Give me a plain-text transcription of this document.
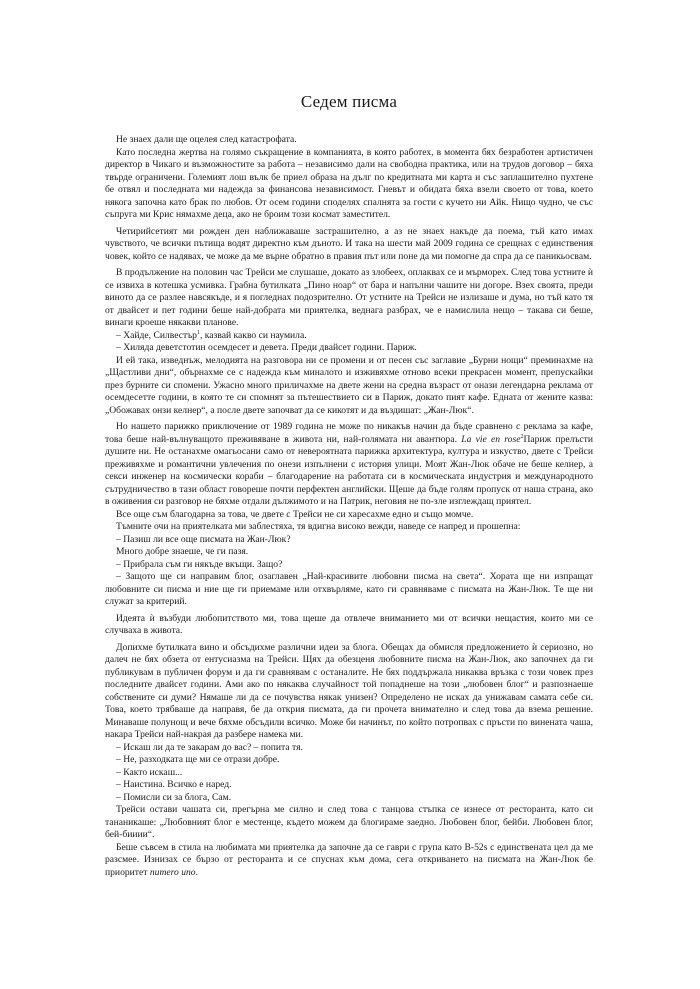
Седем писма

Не знаех дали ще оцелея след катастрофата.

Като последна жертва на голямо съкращение в компанията, в която работех, в момента бях безработен артистичен директор в Чикаго и възможностите за работа – независимо дали на свободна практика, или на трудов договор – бяха твърде ограничени. Големият лош вълк бе приел образа на дълг по кредитната ми карта и със заплашително пухтене бе отвял и последната ми надежда за финансова независимост. Гневът и обидата бяха взели своето от това, което някога започна като брак по любов. От осем години споделях спалнята за гости с кучето ни Айк. Нищо чудно, че със съпруга ми Крис нямахме деца, ако не броим този космат заместител.

Четирийсетият ми рожден ден наближаваше застрашително, а аз не знаех накъде да поема, тъй като имах чувството, че всички пътища водят директно към дъното. И така на шести май 2009 година се срещнах с единствения човек, който се надявах, че може да ме върне обратно в правия път или поне да ми помогне да спра да се паникьосвам.

В продължение на половин час Трейси ме слушаше, докато аз злобеех, оплаквах се и мърморех. След това устните ѝ се извиха в котешка усмивка. Грабна бутилката „Пино ноар“ от бара и напълни чашите ни догоре. Взех своята, преди виното да се разлее навсякъде, и я погледнах подозрително. От устните на Трейси не излизаше и дума, но тъй като тя от двайсет и пет години беше най-добрата ми приятелка, веднага разбрах, че е намислила нещо – такава си беше, винаги кроеше някакви планове.

– Хайде, Силвестър$^1$, казвай какво си наумила.

– Хиляда деветстотин осемдесет и девета. Преди двайсет години. Париж.

И ей така, изведнъж, мелодията на разговора ни се промени и от песен със заглавие „Бурни нощи“ преминахме на „Щастливи дни“, обърнахме се с надежда към миналото и изживяхме отново всеки прекрасен момент, препускайки през бурните си спомени. Ужасно много приличахме на двете жени на средна възраст от онази легендарна реклама от осемдесетте години, в която те си спомнят за пътешествието си в Париж, докато пият кафе. Едната от жените казва: „Обожавах онзи келнер“, а после двете започват да се кикотят и да въздишат: „Жан-Люк“.

Но нашето парижко приключение от 1989 година не може по никакъв начин да бъде сравнено с реклама за кафе, това беше най-вълнуващото преживяване в живота ни, най-голямата ни авантюра. La vie en rose$^2$Париж прелъсти душите ни. Не останахме омагьосани само от невероятната парижка архитектура, култура и изкуство, двете с Трейси преживяхме и романтични увлечения по онези изпълнени с история улици. Моят Жан-Люк обаче не беше келнер, а секси инженер на космически кораби – благодарение на работата си в космическата индустрия и международното сътрудничество в тази област говореше почти перфектен английски. Щеше да бъде голям пропуск от наша страна, ако в оживения си разговор не бяхме отдали дължимото и на Патрик, неговия не по-зле изглеждащ приятел.

Все още съм благодарна за това, че двете с Трейси не си харесахме едно и също момче.

Тъмните очи на приятелката ми заблестяха, тя вдигна високо вежди, наведе се напред и прошепна:

– Пазиш ли все още писмата на Жан-Люк?

Много добре знаеше, че ги пазя.

– Прибрала съм ги някъде вкъщи. Защо?

– Защото ще си направим блог, озаглавен „Най-красивите любовни писма на света“. Хората ще ни изпращат любовните си писма и ние ще ги приемаме или отхвърляме, като ги сравняваме с писмата на Жан-Люк. Те ще ни служат за критерий.

Идеята ѝ възбуди любопитството ми, това щеше да отвлече вниманието ми от всички нещастия, които ми се случваха в живота.

Допихме бутилката вино и обсъдихме различни идеи за блога. Обещах да обмисля предложението ѝ сериозно, но далеч не бях обзета от ентусиазма на Трейси. Щях да обезценя любовните писма на Жан-Люк, ако започнех да ги публикувам в публичен форум и да ги сравнявам с останалите. Не бях поддържала никаква връзка с този човек през последните двайсет години. Ами ако по някаква случайност той попаднеше на този „любовен блог“ и разпознаеше собствените си думи? Нямаше ли да се почувства някак унизен? Определено не исках да унижавам самата себе си. Това, което трябваше да направя, бе да открия писмата, да ги прочета внимателно и след това да взема решение. Минаваше полунощ и вече бяхме обсъдили всичко. Може би начинът, по който потропвах с пръсти по винената чаша, накара Трейси най-накрая да разбере намека ми.

– Искаш ли да те закарам до вас? – попита тя.

– Не, разходката ще ми се отрази добре.

– Както искаш...

– Наистина. Всичко е наред.

– Помисли си за блога, Сам.

Трейси остави чашата си, прегърна ме силно и след това с танцова стъпка се изнесе от ресторанта, като си тананикаше: „Любовният блог е местенце, където можем да блогираме заедно. Любовен блог, бейби. Любовен блог, бей-бииии“.

Беше съвсем в стила на любимата ми приятелка да започне да се гаври с група като B-52s с единствената цел да ме разсмее. Изнизах се бързо от ресторанта и се спуснах към дома, сега откриването на писмата на Жан-Люк бе приоритет numero uno.
